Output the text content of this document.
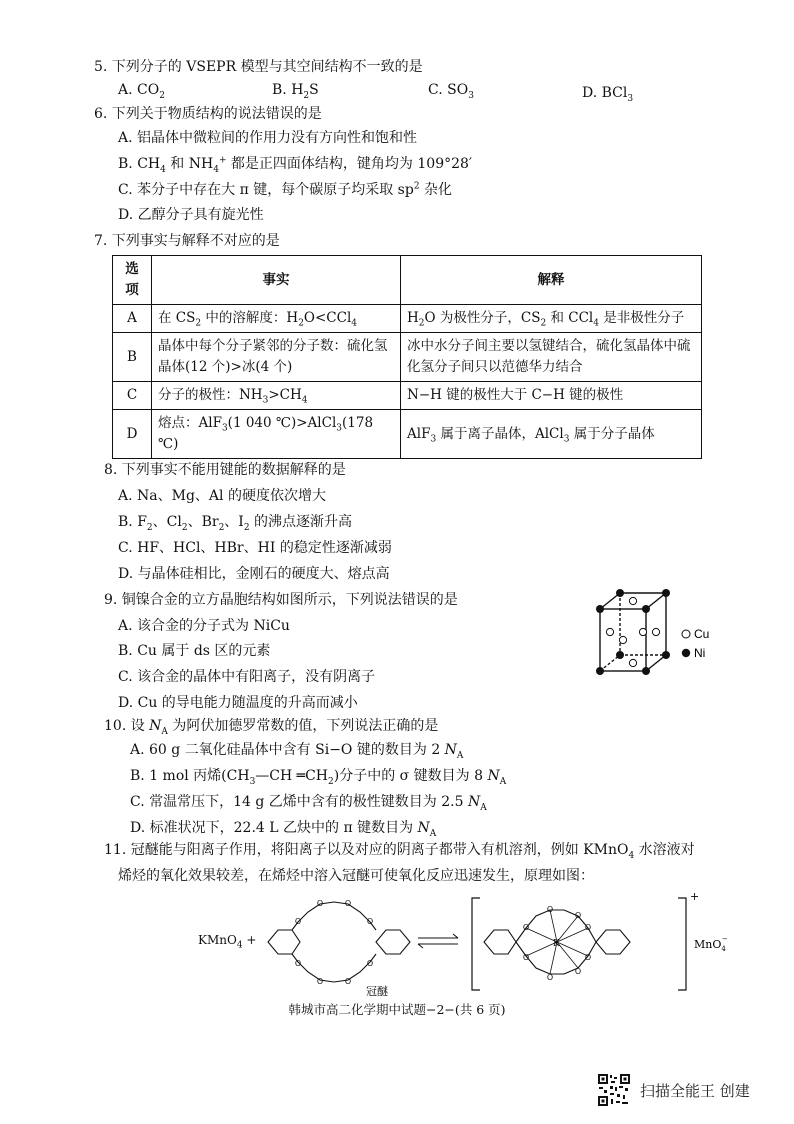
5. 下列分子的 VSEPR 模型与其空间结构不一致的是
A. $CO_2$	B. $H_2S$	C. $SO_3$	D. BCl$_3$
6. 下列关于物质结构的说法错误的是
A. 铝晶体中微粒间的作用力没有方向性和饱和性
B. $CH_4$ 和 $NH_4^+$ 都是正四面体结构，键角均为 109°28′
C. 苯分子中存在大 π 键，每个碳原子均采取 $sp^2$ 杂化
D. 乙醇分子具有旋光性
7. 下列事实与解释不对应的是
选项	事实	解释
A	在 $CS_2$ 中的溶解度：$H_2O<CCl_4$	$H_2O$ 为极性分子，$CS_2$ 和 CCl$_4$ 是非极性分子
B	晶体中每个分子紧邻的分子数：硫化氢晶体(12 个)>冰(4 个)	冰中水分子间主要以氢键结合，硫化氢晶体中硫化氢分子间只以范德华力结合
C	分子的极性：$NH_3>CH_4$	N−H 键的极性大于 C−H 键的极性
D	熔点：AlF$_3$(1 040 ℃)>AlCl$_3$(178 ℃)	AlF$_3$ 属于离子晶体，AlCl$_3$ 属于分子晶体
8. 下列事实不能用键能的数据解释的是
A. Na、Mg、Al 的硬度依次增大
B. $F_2$、$Cl_2$、$Br_2$、$I_2$ 的沸点逐渐升高
C. HF、HCl、HBr、HI 的稳定性逐渐减弱
D. 与晶体硅相比，金刚石的硬度大、熔点高
9. 铜镍合金的立方晶胞结构如图所示，下列说法错误的是
A. 该合金的分子式为 NiCu
B. Cu 属于 ds 区的元素
C. 该合金的晶体中有阳离子，没有阴离子
D. Cu 的导电能力随温度的升高而减小
Cu
Ni
10. 设 $N_A$ 为阿伏加德罗常数的值，下列说法正确的是
A. 60 g 二氧化硅晶体中含有 Si−O 键的数目为 2 $N_A$
B. 1 mol 丙烯($CH_3—CH$ $═CH_2$)分子中的 σ 键数目为 8 $N_A$
C. 常温常压下，14 g 乙烯中含有的极性键数目为 2.5 $N_A$
D. 标准状况下，22.4 L 乙炔中的 π 键数目为 $N_A$
11. 冠醚能与阳离子作用，将阳离子以及对应的阴离子都带入有机溶剂，例如 KMnO$_4$ 水溶液对
烯烃的氧化效果较差，在烯烃中溶入冠醚可使氧化反应迅速发生，原理如图：
KMnO$_4$ +
O
O	O
O
O
O	O
O
冠醚
O
O
O
O
O
O
O
O
K
+
MnO$_4$−
韩城市高二化学期中试题−2−(共 6 页)
扫描全能王 创建
